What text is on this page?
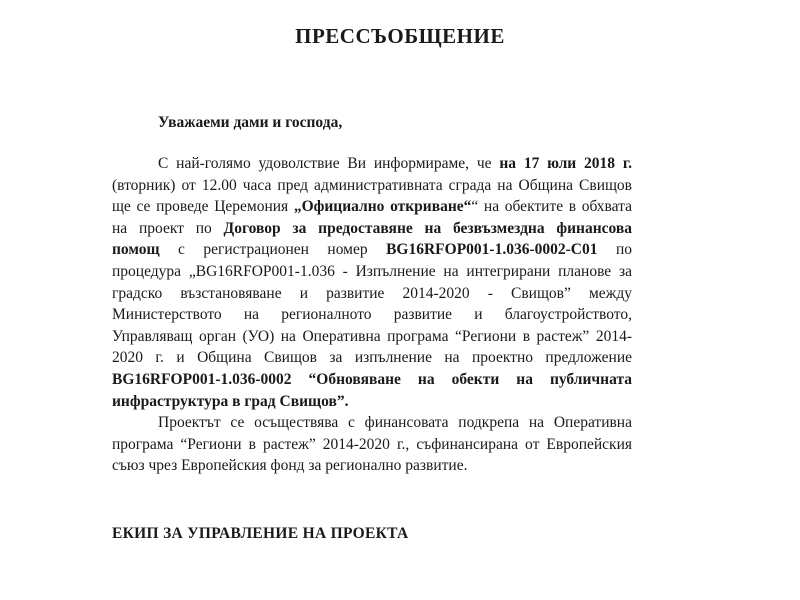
ПРЕССЪОБЩЕНИЕ
Уважаеми дами и господа,
С най-голямо удоволствие Ви информираме, че на 17 юли 2018 г.
(вторник) от 12.00 часа пред административната сграда на Община Свищов
ще се проведе Церемония „Официално откриване““ на обектите в обхвата
на проект по Договор за предоставяне на безвъзмездна финансова
помощ с регистрационен номер BG16RFOP001-1.036-0002-C01 по
процедура „BG16RFOP001-1.036 - Изпълнение на интегрирани планове за
градско възстановяване и развитие 2014-2020 - Свищов” между
Министерството на регионалното развитие и благоустройството,
Управляващ орган (УО) на Оперативна програма “Региони в растеж” 2014-
2020 г. и Община Свищов за изпълнение на проектно предложение
BG16RFOP001-1.036-0002 “Обновяване на обекти на публичната
инфраструктура в град Свищов”.
Проектът се осъществява с финансовата подкрепа на Оперативна
програма “Региони в растеж” 2014-2020 г., съфинансирана от Европейския
съюз чрез Европейския фонд за регионално развитие.
ЕКИП ЗА УПРАВЛЕНИЕ НА ПРОЕКТА
